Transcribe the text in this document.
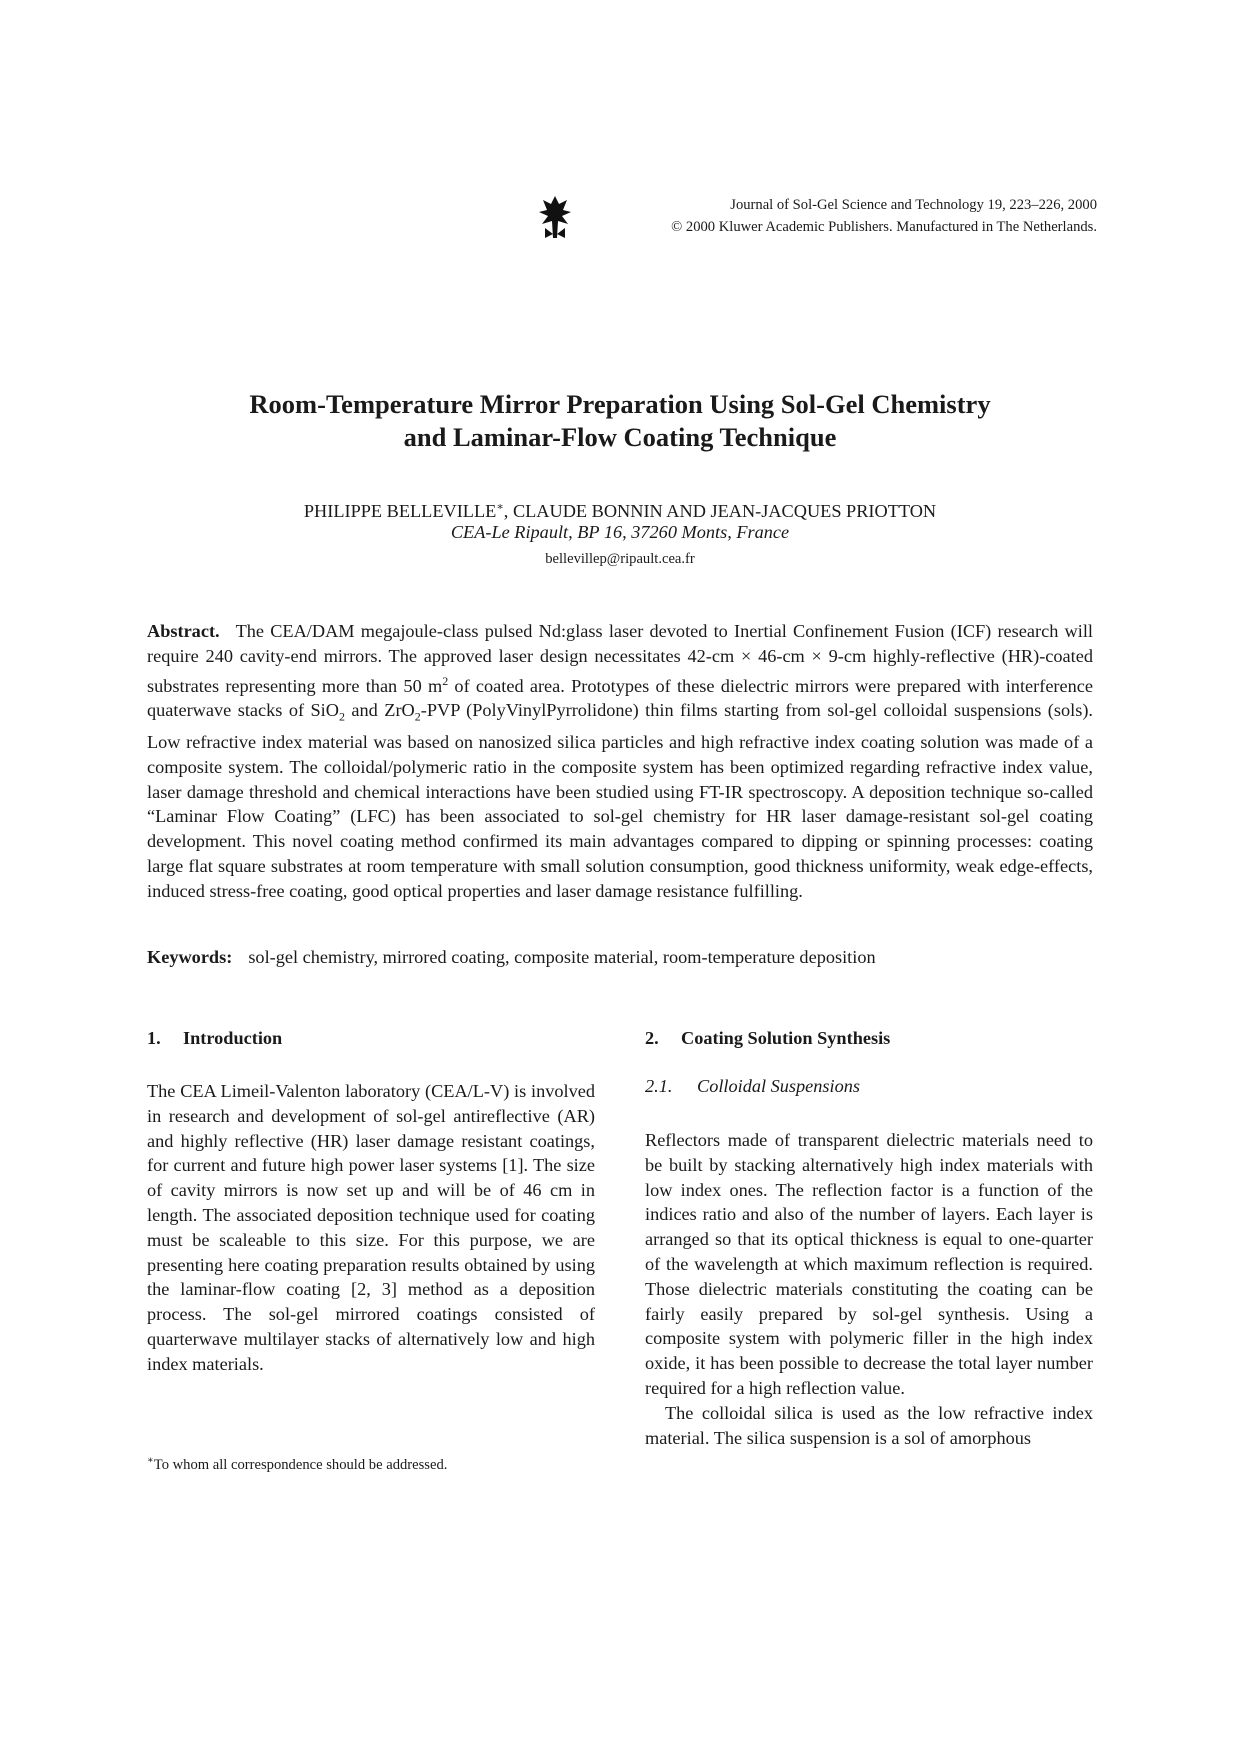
Journal of Sol-Gel Science and Technology 19, 223–226, 2000
© 2000 Kluwer Academic Publishers. Manufactured in The Netherlands.
Room-Temperature Mirror Preparation Using Sol-Gel Chemistry
and Laminar-Flow Coating Technique
PHILIPPE BELLEVILLE∗, CLAUDE BONNIN AND JEAN-JACQUES PRIOTTON
CEA-Le Ripault, BP 16, 37260 Monts, France
bellevillep@ripault.cea.fr
Abstract. The CEA/DAM megajoule-class pulsed Nd:glass laser devoted to Inertial Confinement Fusion (ICF) research will require 240 cavity-end mirrors. The approved laser design necessitates 42-cm × 46-cm × 9-cm highly-reflective (HR)-coated substrates representing more than 50 $m^2$ of coated area. Prototypes of these dielectric mirrors were prepared with interference quaterwave stacks of SiO$_2$ and ZrO$_2$-PVP (PolyVinylPyrrolidone) thin films starting from sol-gel colloidal suspensions (sols). Low refractive index material was based on nanosized silica particles and high refractive index coating solution was made of a composite system. The colloidal/polymeric ratio in the composite system has been optimized regarding refractive index value, laser damage threshold and chemical interactions have been studied using FT-IR spectroscopy. A deposition technique so-called “Laminar Flow Coating” (LFC) has been associated to sol-gel chemistry for HR laser damage-resistant sol-gel coating development. This novel coating method confirmed its main advantages compared to dipping or spinning processes: coating large flat square substrates at room temperature with small solution consumption, good thickness uniformity, weak edge-effects, induced stress-free coating, good optical properties and laser damage resistance fulfilling.
Keywords: sol-gel chemistry, mirrored coating, composite material, room-temperature deposition
1. Introduction

The CEA Limeil-Valenton laboratory (CEA/L-V) is involved in research and development of sol-gel antireflective (AR) and highly reflective (HR) laser damage resistant coatings, for current and future high power laser systems [1]. The size of cavity mirrors is now set up and will be of 46 cm in length. The associated deposition technique used for coating must be scaleable to this size. For this purpose, we are presenting here coating preparation results obtained by using the laminar-flow coating [2, 3] method as a deposition process. The sol-gel mirrored coatings consisted of quarterwave multilayer stacks of alternatively low and high index materials.

∗To whom all correspondence should be addressed.
2. Coating Solution Synthesis
2.1. Colloidal Suspensions

Reflectors made of transparent dielectric materials need to be built by stacking alternatively high index materials with low index ones. The reflection factor is a function of the indices ratio and also of the number of layers. Each layer is arranged so that its optical thickness is equal to one-quarter of the wavelength at which maximum reflection is required. Those dielectric materials constituting the coating can be fairly easily prepared by sol-gel synthesis. Using a composite system with polymeric filler in the high index oxide, it has been possible to decrease the total layer number required for a high reflection value.

The colloidal silica is used as the low refractive index material. The silica suspension is a sol of amorphous
